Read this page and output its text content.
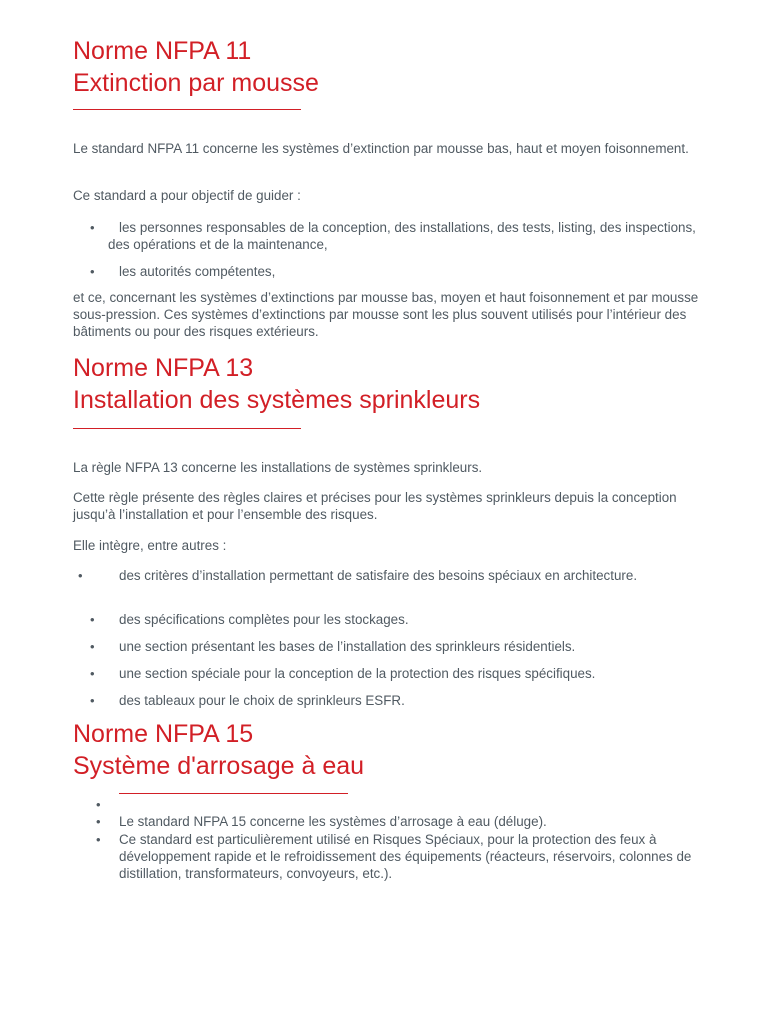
Norme NFPA 11
Extinction par mousse

Le standard NFPA 11 concerne les systèmes d’extinction par mousse bas, haut et moyen foisonnement.

Ce standard a pour objectif de guider :

•	les personnes responsables de la conception, des installations, des tests, listing, des inspections, des opérations et de la maintenance,
• les autorités compétentes,

et ce, concernant les systèmes d’extinctions par mousse bas, moyen et haut foisonnement et par mousse sous-pression. Ces systèmes d’extinctions par mousse sont les plus souvent utilisés pour l’intérieur des bâtiments ou pour des risques extérieurs.

Norme NFPA 13
Installation des systèmes sprinkleurs

La règle NFPA 13 concerne les installations de systèmes sprinkleurs.

Cette règle présente des règles claires et précises pour les systèmes sprinkleurs depuis la conception jusqu’à l’installation et pour l’ensemble des risques.

Elle intègre, entre autres :

•	des critères d’installation permettant de satisfaire des besoins spéciaux en architecture.
• des spécifications complètes pour les stockages.
• une section présentant les bases de l’installation des sprinkleurs résidentiels.
• une section spéciale pour la conception de la protection des risques spécifiques.
• des tableaux pour le choix de sprinkleurs ESFR.
Norme NFPA 15
Système d'arrosage à eau
•
• Le standard NFPA 15 concerne les systèmes d’arrosage à eau (déluge).
• Ce standard est particulièrement utilisé en Risques Spéciaux, pour la protection des feux à développement rapide et le refroidissement des équipements (réacteurs, réservoirs, colonnes de distillation, transformateurs, convoyeurs, etc.).
